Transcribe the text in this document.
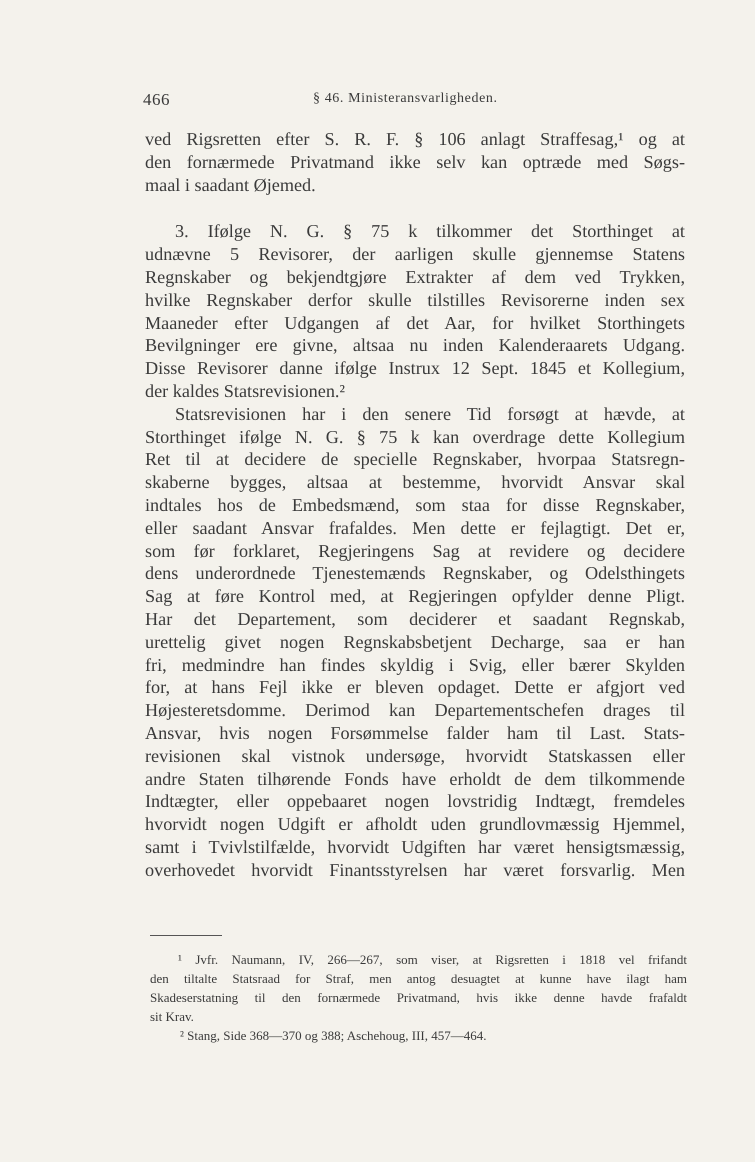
466	§ 46. Ministeransvarligheden.
ved Rigsretten efter S. R. F. § 106 anlagt Straffesag,¹ og at
den fornærmede Privatmand ikke selv kan optræde med Søgs-
maal i saadant Øjemed.
3. Ifølge N. G. § 75 k tilkommer det Storthinget at
udnævne 5 Revisorer, der aarligen skulle gjennemse Statens
Regnskaber og bekjendtgjøre Extrakter af dem ved Trykken,
hvilke Regnskaber derfor skulle tilstilles Revisorerne inden sex
Maaneder efter Udgangen af det Aar, for hvilket Storthingets
Bevilgninger ere givne, altsaa nu inden Kalenderaarets Udgang.
Disse Revisorer danne ifølge Instrux 12 Sept. 1845 et Kollegium,
der kaldes Statsrevisionen.²
Statsrevisionen har i den senere Tid forsøgt at hævde, at
Storthinget ifølge N. G. § 75 k kan overdrage dette Kollegium
Ret til at decidere de specielle Regnskaber, hvorpaa Statsregn-
skaberne bygges, altsaa at bestemme, hvorvidt Ansvar skal
indtales hos de Embedsmænd, som staa for disse Regnskaber,
eller saadant Ansvar frafaldes. Men dette er fejlagtigt. Det er,
som før forklaret, Regjeringens Sag at revidere og decidere
dens underordnede Tjenestemænds Regnskaber, og Odelsthingets
Sag at føre Kontrol med, at Regjeringen opfylder denne Pligt.
Har det Departement, som deciderer et saadant Regnskab,
urettelig givet nogen Regnskabsbetjent Decharge, saa er han
fri, medmindre han findes skyldig i Svig, eller bærer Skylden
for, at hans Fejl ikke er bleven opdaget. Dette er afgjort ved
Højesteretsdomme. Derimod kan Departementschefen drages til
Ansvar, hvis nogen Forsømmelse falder ham til Last. Stats-
revisionen skal vistnok undersøge, hvorvidt Statskassen eller
andre Staten tilhørende Fonds have erholdt de dem tilkommende
Indtægter, eller oppebaaret nogen lovstridig Indtægt, fremdeles
hvorvidt nogen Udgift er afholdt uden grundlovmæssig Hjemmel,
samt i Tvivlstilfælde, hvorvidt Udgiften har været hensigtsmæssig,
overhovedet hvorvidt Finantsstyrelsen har været forsvarlig. Men
¹ Jvfr. Naumann, IV, 266—267, som viser, at Rigsretten i 1818 vel frifandt
den tiltalte Statsraad for Straf, men antog desuagtet at kunne have ilagt ham
Skadeserstatning til den fornærmede Privatmand, hvis ikke denne havde frafaldt
sit Krav.
² Stang, Side 368—370 og 388; Aschehoug, III, 457—464.
